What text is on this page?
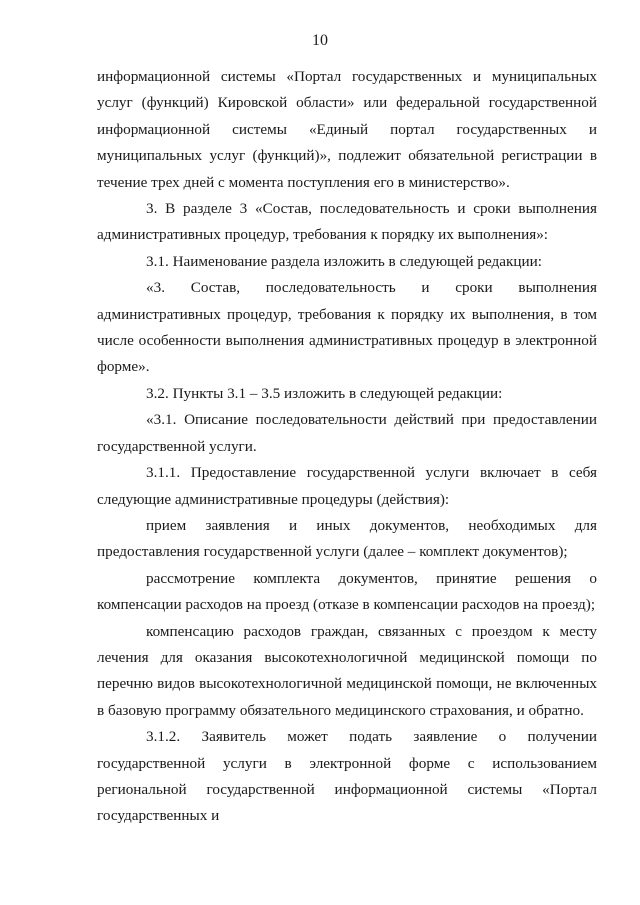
10

информационной системы «Портал государственных и муниципальных услуг (функций) Кировской области» или федеральной государственной информационной системы «Единый портал государственных и муниципальных услуг (функций)», подлежит обязательной регистрации в течение трех дней с момента поступления его в министерство».

3. В разделе 3 «Состав, последовательность и сроки выполнения административных процедур, требования к порядку их выполнения»:

3.1. Наименование раздела изложить в следующей редакции:

«3. Состав, последовательность и сроки выполнения административных процедур, требования к порядку их выполнения, в том числе особенности выполнения административных процедур в электронной форме».

3.2. Пункты 3.1 – 3.5 изложить в следующей редакции:

«3.1. Описание последовательности действий при предоставлении государственной услуги.

3.1.1. Предоставление государственной услуги включает в себя следующие административные процедуры (действия):

прием заявления и иных документов, необходимых для предоставления государственной услуги (далее – комплект документов);

рассмотрение комплекта документов, принятие решения о компенсации расходов на проезд (отказе в компенсации расходов на проезд);

компенсацию расходов граждан, связанных с проездом к месту лечения для оказания высокотехнологичной медицинской помощи по перечню видов высокотехнологичной медицинской помощи, не включенных в базовую программу обязательного медицинского страхования, и обратно.

3.1.2. Заявитель может подать заявление о получении государственной услуги в электронной форме с использованием региональной государственной информационной системы «Портал государственных и
